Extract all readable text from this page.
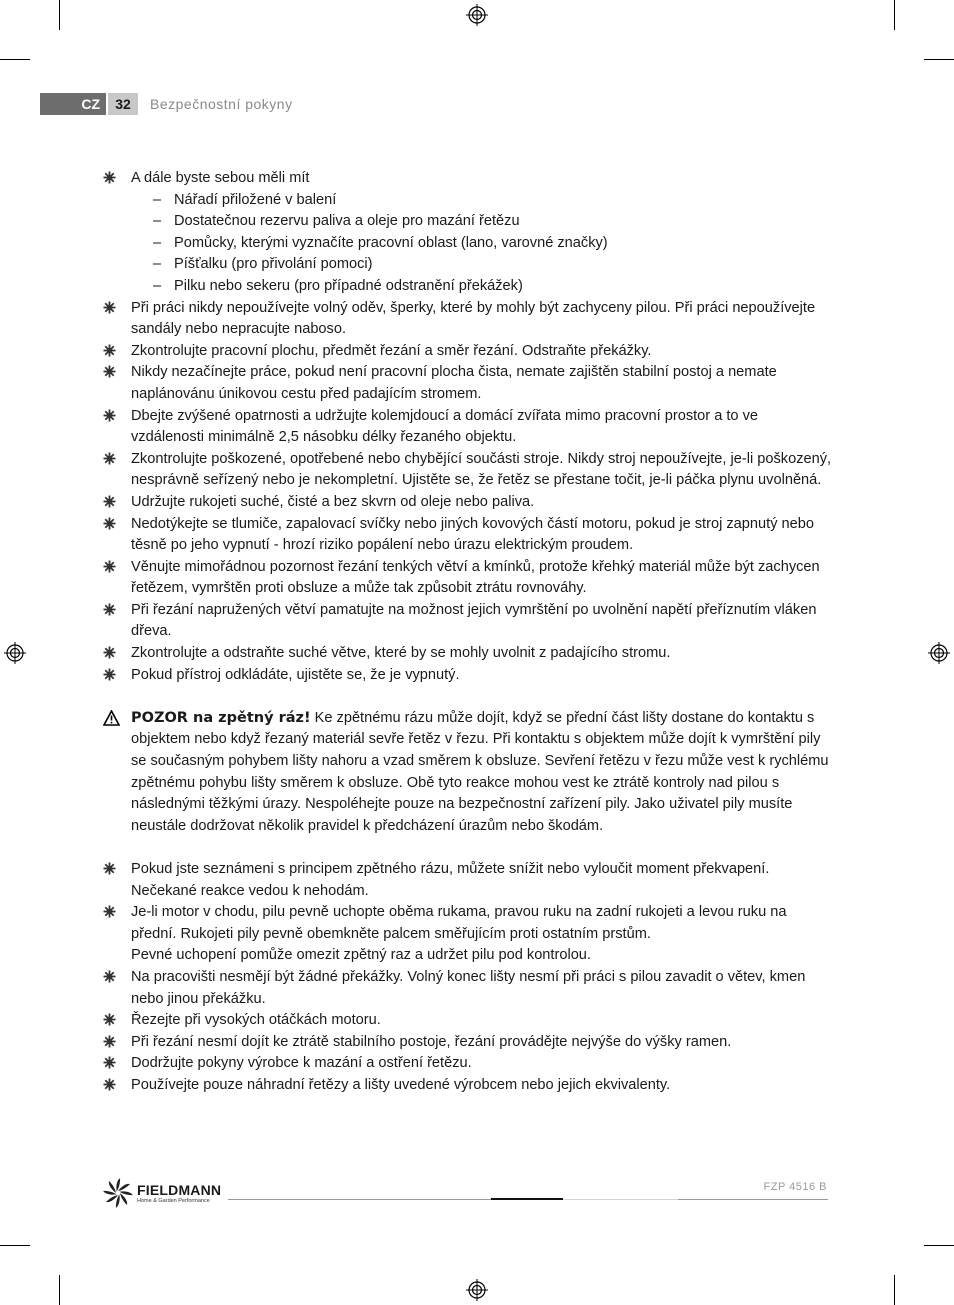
CZ	32	Bezpečnostní pokyny
A dále byste sebou měli mít
– Nářadí přiložené v balení
– Dostatečnou rezervu paliva a oleje pro mazání řetězu
– Pomůcky, kterými vyznačíte pracovní oblast (lano, varovné značky)
– Píšťalku (pro přivolání pomoci)
– Pilku nebo sekeru (pro případné odstranění překážek)
Při práci nikdy nepoužívejte volný oděv, šperky, které by mohly být zachyceny pilou. Při práci nepoužívejte sandály nebo nepracujte naboso.
Zkontrolujte pracovní plochu, předmět řezání a směr řezání. Odstraňte překážky.
Nikdy nezačínejte práce, pokud není pracovní plocha čista, nemate zajištěn stabilní postoj a nemate naplánovánu únikovou cestu před padajícím stromem.
Dbejte zvýšené opatrnosti a udržujte kolemjdoucí a domácí zvířata mimo pracovní prostor a to ve vzdálenosti minimálně 2,5 násobku délky řezaného objektu.
Zkontrolujte poškozené, opotřebené nebo chybějící součásti stroje. Nikdy stroj nepoužívejte, je-li poškozený, nesprávně seřízený nebo je nekompletní. Ujistěte se, že řetěz se přestane točit, je-li páčka plynu uvolněná.
Udržujte rukojeti suché, čisté a bez skvrn od oleje nebo paliva.
Nedotýkejte se tlumiče, zapalovací svíčky nebo jiných kovových částí motoru, pokud je stroj zapnutý nebo těsně po jeho vypnutí - hrozí riziko popálení nebo úrazu elektrickým proudem.
Věnujte mimořádnou pozornost řezání tenkých větví a kmínků, protože křehký materiál může být zachycen řetězem, vymrštěn proti obsluze a může tak způsobit ztrátu rovnováhy.
Při řezání napružených větví pamatujte na možnost jejich vymrštění po uvolnění napětí přeříznutím vláken dřeva.
Zkontrolujte a odstraňte suché větve, které by se mohly uvolnit z padajícího stromu.
Pokud přístroj odkládáte, ujistěte se, že je vypnutý.
POZOR na zpětný ráz! Ke zpětnému rázu může dojít, když se přední část lišty dostane do kontaktu s objektem nebo když řezaný materiál sevře řetěz v řezu. Při kontaktu s objektem může dojít k vymrštění pily se současným pohybem lišty nahoru a vzad směrem k obsluze. Sevření řetězu v řezu může vest k rychlému zpětnému pohybu lišty směrem k obsluze. Obě tyto reakce mohou vest ke ztrátě kontroly nad pilou s následnými těžkými úrazy. Nespoléhejte pouze na bezpečnostní zařízení pily. Jako uživatel pily musíte neustále dodržovat několik pravidel k předcházení úrazům nebo škodám.
Pokud jste seznámeni s principem zpětného rázu, můžete snížit nebo vyloučit moment překvapení. Nečekané reakce vedou k nehodám.
Je-li motor v chodu, pilu pevně uchopte oběma rukama, pravou ruku na zadní rukojeti a levou ruku na přední. Rukojeti pily pevně obemkněte palcem směřujícím proti ostatním prstům.
Pevné uchopení pomůže omezit zpětný raz a udržet pilu pod kontrolou.
Na pracovišti nesmějí být žádné překážky. Volný konec lišty nesmí při práci s pilou zavadit o větev, kmen nebo jinou překážku.
Řezejte při vysokých otáčkách motoru.
Při řezání nesmí dojít ke ztrátě stabilního postoje, řezání provádějte nejvýše do výšky ramen.
Dodržujte pokyny výrobce k mazání a ostření řetězu.
Používejte pouze náhradní řetězy a lišty uvedené výrobcem nebo jejich ekvivalenty.
FIELDMANN
Home & Garden Performance
FZP 4516 B
